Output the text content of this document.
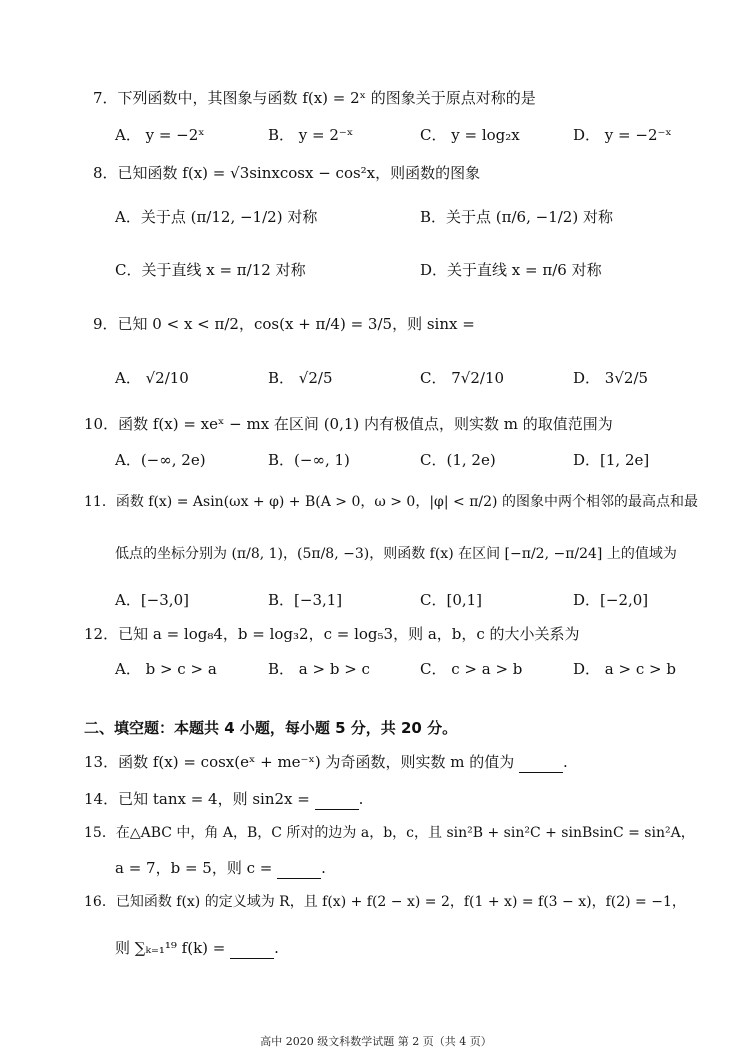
7．下列函数中，其图象与函数 f(x) = 2ˣ 的图象关于原点对称的是
A． y = −2ˣ	B． y = 2⁻ˣ	C． y = log₂x	D． y = −2⁻ˣ
8．已知函数 f(x) = √3sinxcosx − cos²x，则函数的图象
A．关于点 (π/12, −1/2) 对称	B．关于点 (π/6, −1/2) 对称
C．关于直线 x = π/12 对称	D．关于直线 x = π/6 对称
9．已知 0 < x < π/2，cos(x + π/4) = 3/5，则 sinx =
A． √2/10	B． √2/5	C． 7√2/10	D． 3√2/5
10．函数 f(x) = xeˣ − mx 在区间 (0,1) 内有极值点，则实数 m 的取值范围为
A．(−∞, 2e)	B．(−∞, 1)	C．(1, 2e)	D．[1, 2e]
11．函数 f(x) = Asin(ωx + φ) + B(A > 0，ω > 0，|φ| < π/2) 的图象中两个相邻的最高点和最
低点的坐标分别为 (π/8, 1)，(5π/8, −3)，则函数 f(x) 在区间 [−π/2, −π/24] 上的值域为
A．[−3,0]	B．[−3,1]	C．[0,1]	D．[−2,0]
12．已知 a = log₈4，b = log₃2，c = log₅3，则 a，b，c 的大小关系为
A． b > c > a	B． a > b > c	C． c > a > b	D． a > c > b
二、填空题：本题共 4 小题，每小题 5 分，共 20 分。
13．函数 f(x) = cosx(eˣ + me⁻ˣ) 为奇函数，则实数 m 的值为	.
14．已知 tanx = 4，则 sin2x =	.
15．在△ABC 中，角 A，B，C 所对的边为 a，b，c，且 sin²B + sin²C + sinBsinC = sin²A，
a = 7，b = 5，则 c =	.
16．已知函数 f(x) 的定义域为 R，且 f(x) + f(2 − x) = 2，f(1 + x) = f(3 − x)，f(2) = −1，
则 ∑ₖ₌₁¹⁹ f(k) =	.
高中 2020 级文科数学试题 第 2 页（共 4 页）
